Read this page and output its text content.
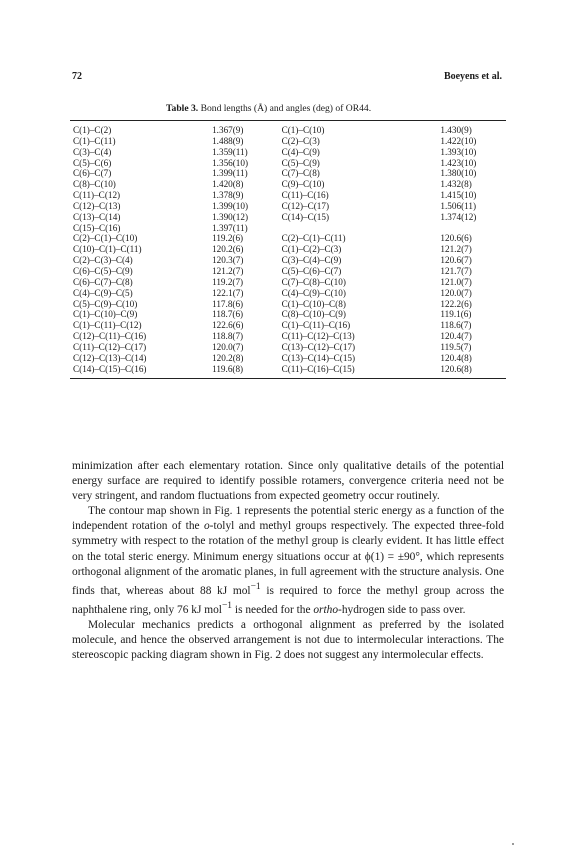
72	Boeyens et al.
Table 3. Bond lengths (Å) and angles (deg) of OR44.
C(1)–C(2)	1.367(9)	C(1)–C(10)	1.430(9)
C(1)–C(11)	1.488(9)	C(2)–C(3)	1.422(10)
C(3)–C(4)	1.359(11)	C(4)–C(9)	1.393(10)
C(5)–C(6)	1.356(10)	C(5)–C(9)	1.423(10)
C(6)–C(7)	1.399(11)	C(7)–C(8)	1.380(10)
C(8)–C(10)	1.420(8)	C(9)–C(10)	1.432(8)
C(11)–C(12)	1.378(9)	C(11)–C(16)	1.415(10)
C(12)–C(13)	1.399(10)	C(12)–C(17)	1.506(11)
C(13)–C(14)	1.390(12)	C(14)–C(15)	1.374(12)
C(15)–C(16)	1.397(11)		
C(2)–C(1)–C(10)	119.2(6)	C(2)–C(1)–C(11)	120.6(6)
C(10)–C(1)–C(11)	120.2(6)	C(1)–C(2)–C(3)	121.2(7)
C(2)–C(3)–C(4)	120.3(7)	C(3)–C(4)–C(9)	120.6(7)
C(6)–C(5)–C(9)	121.2(7)	C(5)–C(6)–C(7)	121.7(7)
C(6)–C(7)–C(8)	119.2(7)	C(7)–C(8)–C(10)	121.0(7)
C(4)–C(9)–C(5)	122.1(7)	C(4)–C(9)–C(10)	120.0(7)
C(5)–C(9)–C(10)	117.8(6)	C(1)–C(10)–C(8)	122.2(6)
C(1)–C(10)–C(9)	118.7(6)	C(8)–C(10)–C(9)	119.1(6)
C(1)–C(11)–C(12)	122.6(6)	C(1)–C(11)–C(16)	118.6(7)
C(12)–C(11)–C(16)	118.8(7)	C(11)–C(12)–C(13)	120.4(7)
C(11)–C(12)–C(17)	120.0(7)	C(13)–C(12)–C(17)	119.5(7)
C(12)–C(13)–C(14)	120.2(8)	C(13)–C(14)–C(15)	120.4(8)
C(14)–C(15)–C(16)	119.6(8)	C(11)–C(16)–C(15)	120.6(8)

minimization after each elementary rotation. Since only qualitative details of the potential energy surface are required to identify possible rotamers, convergence criteria need not be very stringent, and random fluctuations from expected geometry occur routinely.

The contour map shown in Fig. 1 represents the potential steric energy as a function of the independent rotation of the o-tolyl and methyl groups respectively. The expected three-fold symmetry with respect to the rotation of the methyl group is clearly evident. It has little effect on the total steric energy. Minimum energy situations occur at ϕ(1) = ±90°, which represents orthogonal alignment of the aromatic planes, in full agreement with the structure analysis. One finds that, whereas about 88 kJ mol$^{-1}$ is required to force the methyl group across the naphthalene ring, only 76 kJ mol$^{-1}$ is needed for the ortho-hydrogen side to pass over.

Molecular mechanics predicts a orthogonal alignment as preferred by the isolated molecule, and hence the observed arrangement is not due to intermolecular interactions. The stereoscopic packing diagram shown in Fig. 2 does not suggest any intermolecular effects.
